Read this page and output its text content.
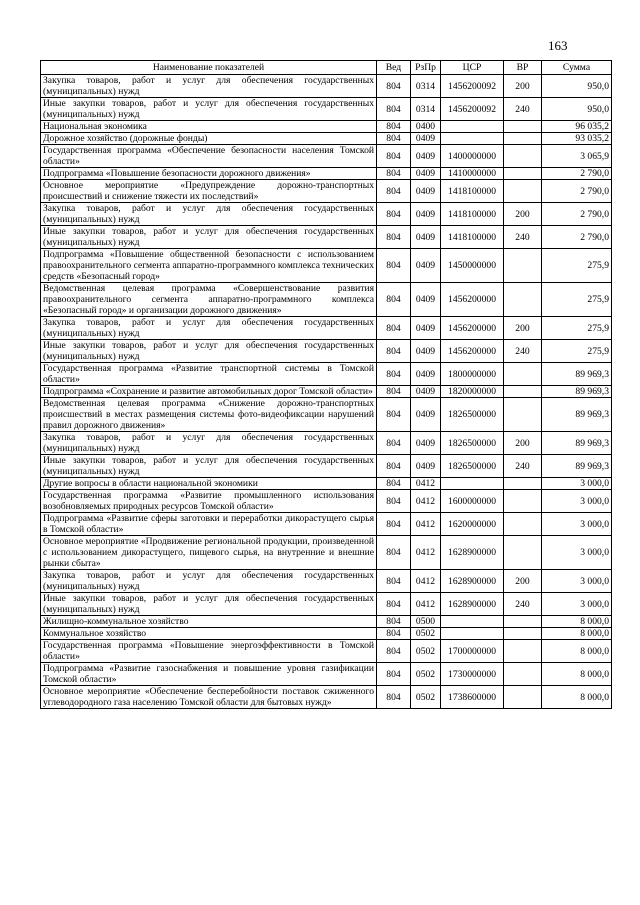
163
Наименование показателей	Вед	РзПр	ЦСР	ВР	Сумма
Закупка товаров, работ и услуг для обеспечения государственных (муниципальных) нужд	804	0314	1456200092	200	950,0
Иные закупки товаров, работ и услуг для обеспечения государственных (муниципальных) нужд	804	0314	1456200092	240	950,0
Национальная экономика	804	0400			96 035,2
Дорожное хозяйство (дорожные фонды)	804	0409			93 035,2
Государственная программа «Обеспечение безопасности населения Томской области»	804	0409	1400000000		3 065,9
Подпрограмма «Повышение безопасности дорожного движения»	804	0409	1410000000		2 790,0
Основное мероприятие «Предупреждение дорожно-транспортных происшествий и снижение тяжести их последствий»	804	0409	1418100000		2 790,0
Закупка товаров, работ и услуг для обеспечения государственных (муниципальных) нужд	804	0409	1418100000	200	2 790,0
Иные закупки товаров, работ и услуг для обеспечения государственных (муниципальных) нужд	804	0409	1418100000	240	2 790,0
Подпрограмма «Повышение общественной безопасности с использованием правоохранительного сегмента аппаратно-программного комплекса технических средств «Безопасный город»	804	0409	1450000000		275,9
Ведомственная целевая программа «Совершенствование развития правоохранительного сегмента аппаратно-программного комплекса «Безопасный город» и организации дорожного движения»	804	0409	1456200000		275,9
Закупка товаров, работ и услуг для обеспечения государственных (муниципальных) нужд	804	0409	1456200000	200	275,9
Иные закупки товаров, работ и услуг для обеспечения государственных (муниципальных) нужд	804	0409	1456200000	240	275,9
Государственная программа «Развитие транспортной системы в Томской области»	804	0409	1800000000		89 969,3
Подпрограмма «Сохранение и развитие автомобильных дорог Томской области»	804	0409	1820000000		89 969,3
Ведомственная целевая программа «Снижение дорожно-транспортных происшествий в местах размещения системы фото-видеофиксации нарушений правил дорожного движения»	804	0409	1826500000		89 969,3
Закупка товаров, работ и услуг для обеспечения государственных (муниципальных) нужд	804	0409	1826500000	200	89 969,3
Иные закупки товаров, работ и услуг для обеспечения государственных (муниципальных) нужд	804	0409	1826500000	240	89 969,3
Другие вопросы в области национальной экономики	804	0412			3 000,0
Государственная программа «Развитие промышленного использования возобновляемых природных ресурсов Томской области»	804	0412	1600000000		3 000,0
Подпрограмма «Развитие сферы заготовки и переработки дикорастущего сырья в Томской области»	804	0412	1620000000		3 000,0
Основное мероприятие «Продвижение региональной продукции, произведенной с использованием дикорастущего, пищевого сырья, на внутренние и внешние рынки сбыта»	804	0412	1628900000		3 000,0
Закупка товаров, работ и услуг для обеспечения государственных (муниципальных) нужд	804	0412	1628900000	200	3 000,0
Иные закупки товаров, работ и услуг для обеспечения государственных (муниципальных) нужд	804	0412	1628900000	240	3 000,0
Жилищно-коммунальное хозяйство	804	0500			8 000,0
Коммунальное хозяйство	804	0502			8 000,0
Государственная программа «Повышение энергоэффективности в Томской области»	804	0502	1700000000		8 000,0
Подпрограмма «Развитие газоснабжения и повышение уровня газификации Томской области»	804	0502	1730000000		8 000,0
Основное мероприятие «Обеспечение бесперебойности поставок сжиженного углеводородного газа населению Томской области для бытовых нужд»	804	0502	1738600000		8 000,0
